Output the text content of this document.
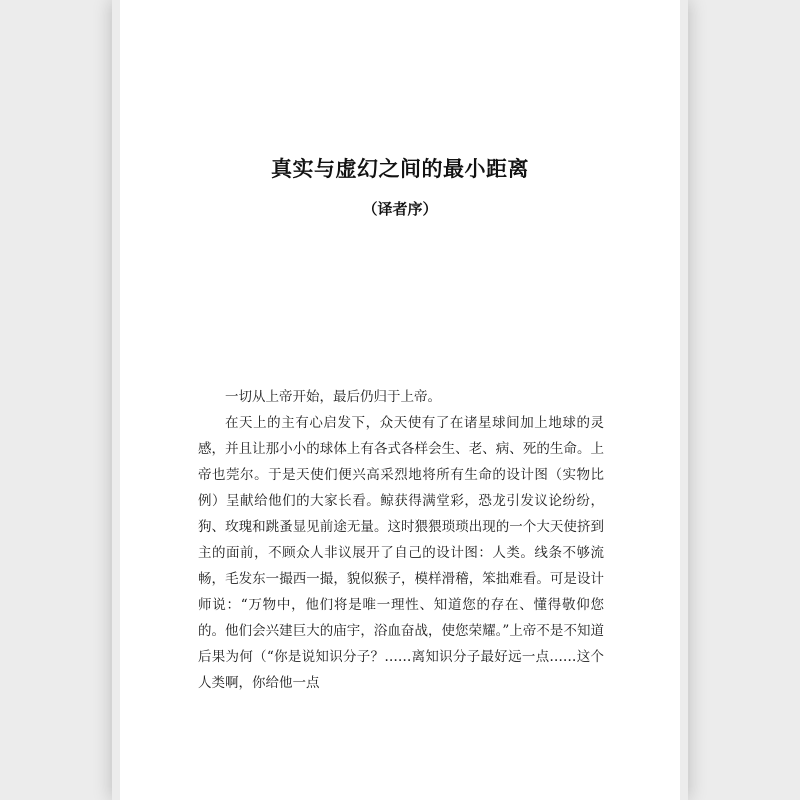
真实与虚幻之间的最小距离
（译者序）

一切从上帝开始，最后仍归于上帝。

在天上的主有心启发下，众天使有了在诸星球间加上地球的灵感，并且让那小小的球体上有各式各样会生、老、病、死的生命。上帝也莞尔。于是天使们便兴高采烈地将所有生命的设计图（实物比例）呈献给他们的大家长看。鲸获得满堂彩，恐龙引发议论纷纷，狗、玫瑰和跳蚤显见前途无量。这时猥猥琐琐出现的一个大天使挤到主的面前，不顾众人非议展开了自己的设计图：人类。线条不够流畅，毛发东一撮西一撮，貌似猴子，模样滑稽，笨拙难看。可是设计师说：“万物中，他们将是唯一理性、知道您的存在、懂得敬仰您的。他们会兴建巨大的庙宇，浴血奋战，使您荣耀。”上帝不是不知道后果为何（“你是说知识分子？……离知识分子最好远一点……这个人类啊，你给他一点
